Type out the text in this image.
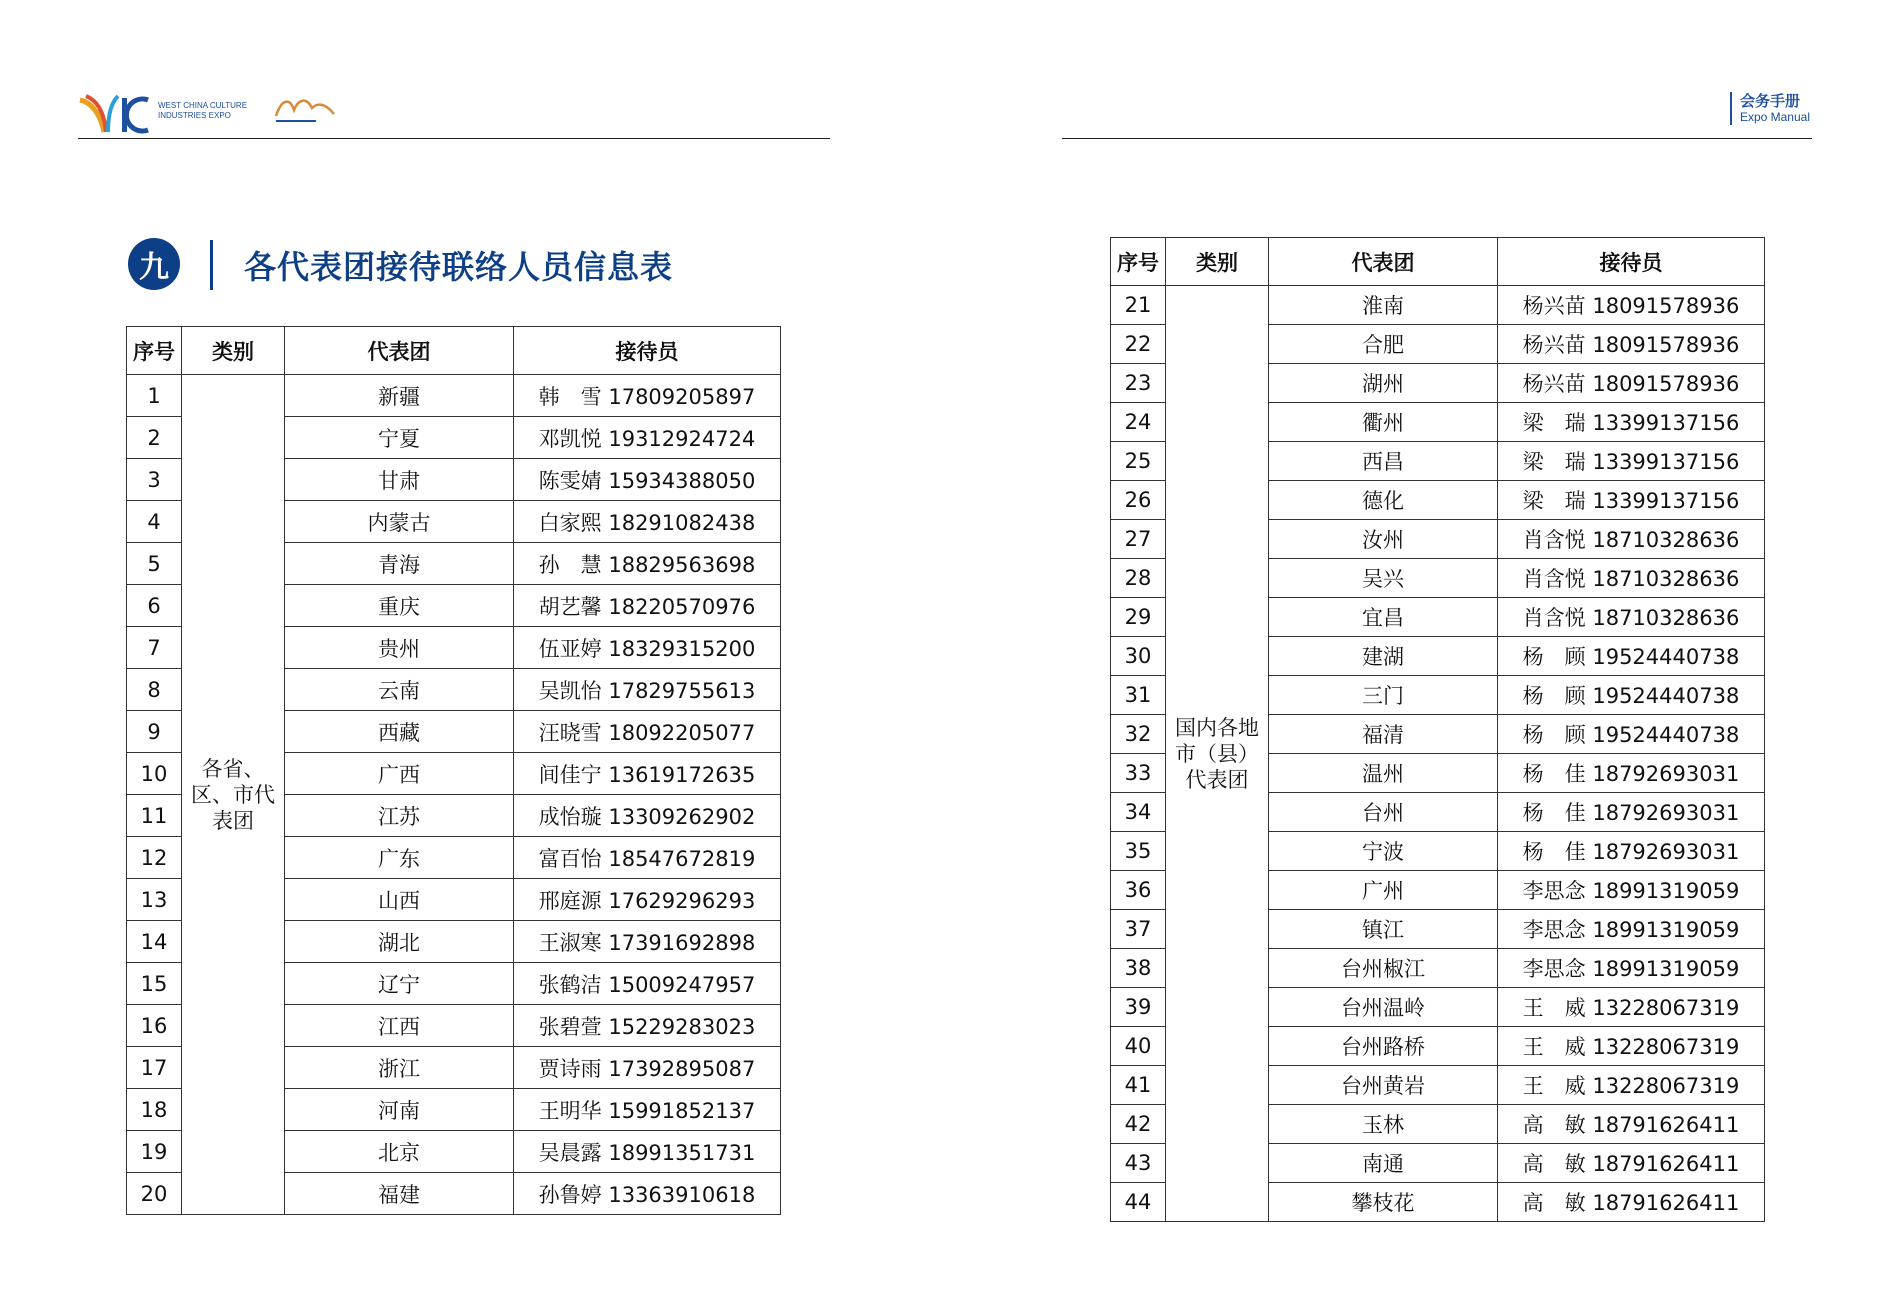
WEST CHINA CULTURE
INDUSTRIES EXPO
会务手册
Expo Manual
九	各代表团接待联络人员信息表
序号	类别	代表团	接待员
1	各省、区、市代表团	新疆	韩　雪 17809205897
2		宁夏	邓凯悦 19312924724
3		甘肃	陈雯婧 15934388050
4		内蒙古	白家熙 18291082438
5		青海	孙　慧 18829563698
6		重庆	胡艺馨 18220570976
7		贵州	伍亚婷 18329315200
8		云南	吴凯怡 17829755613
9		西藏	汪晓雪 18092205077
10		广西	间佳宁 13619172635
11		江苏	成怡璇 13309262902
12		广东	富百怡 18547672819
13		山西	邢庭源 17629296293
14		湖北	王淑寒 17391692898
15		辽宁	张鹤洁 15009247957
16		江西	张碧萱 15229283023
17		浙江	贾诗雨 17392895087
18		河南	王明华 15991852137
19		北京	吴晨露 18991351731
20		福建	孙鲁婷 13363910618
序号	类别	代表团	接待员
21	国内各地市（县）代表团	淮南	杨兴苗 18091578936
22		合肥	杨兴苗 18091578936
23		湖州	杨兴苗 18091578936
24		衢州	梁　瑞 13399137156
25		西昌	梁　瑞 13399137156
26		德化	梁　瑞 13399137156
27		汝州	肖含悦 18710328636
28		吴兴	肖含悦 18710328636
29		宜昌	肖含悦 18710328636
30		建湖	杨　顾 19524440738
31		三门	杨　顾 19524440738
32		福清	杨　顾 19524440738
33		温州	杨　佳 18792693031
34		台州	杨　佳 18792693031
35		宁波	杨　佳 18792693031
36		广州	李思念 18991319059
37		镇江	李思念 18991319059
38		台州椒江	李思念 18991319059
39		台州温岭	王　威 13228067319
40		台州路桥	王　威 13228067319
41		台州黄岩	王　威 13228067319
42		玉林	高　敏 18791626411
43		南通	高　敏 18791626411
44		攀枝花	高　敏 18791626411
